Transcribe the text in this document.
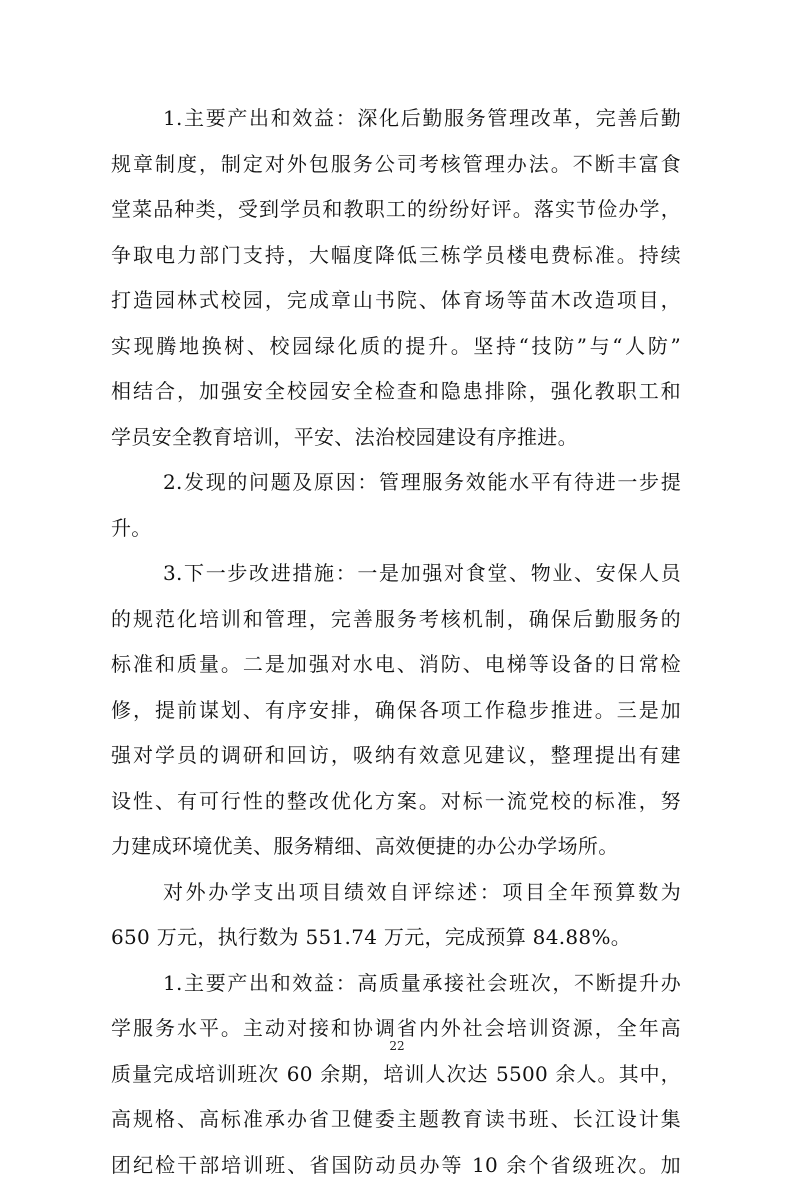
1.主要产出和效益：深化后勤服务管理改革，完善后勤
规章制度，制定对外包服务公司考核管理办法。不断丰富食
堂菜品种类，受到学员和教职工的纷纷好评。落实节俭办学，
争取电力部门支持，大幅度降低三栋学员楼电费标准。持续
打造园林式校园，完成章山书院、体育场等苗木改造项目，
实现腾地换树、校园绿化质的提升。坚持“技防”与“人防”
相结合，加强安全校园安全检查和隐患排除，强化教职工和
学员安全教育培训，平安、法治校园建设有序推进。
2.发现的问题及原因：管理服务效能水平有待进一步提
升。
3.下一步改进措施：一是加强对食堂、物业、安保人员
的规范化培训和管理，完善服务考核机制，确保后勤服务的
标准和质量。二是加强对水电、消防、电梯等设备的日常检
修，提前谋划、有序安排，确保各项工作稳步推进。三是加
强对学员的调研和回访，吸纳有效意见建议，整理提出有建
设性、有可行性的整改优化方案。对标一流党校的标准，努
力建成环境优美、服务精细、高效便捷的办公办学场所。
对外办学支出项目绩效自评综述：项目全年预算数为
650 万元，执行数为 551.74 万元，完成预算 84.88%。
1.主要产出和效益：高质量承接社会班次，不断提升办
学服务水平。主动对接和协调省内外社会培训资源，全年高
质量完成培训班次 60 余期，培训人次达 5500 余人。其中，
高规格、高标准承办省卫健委主题教育读书班、长江设计集
团纪检干部培训班、省国防动员办等 10 余个省级班次。加
22
